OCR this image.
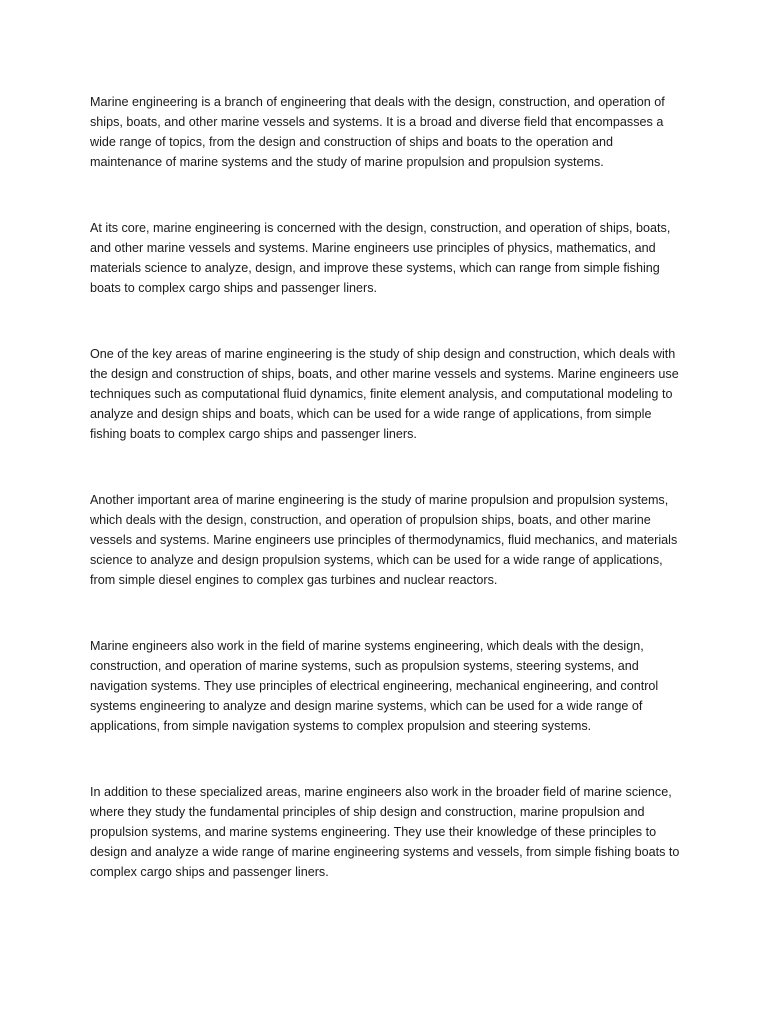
Marine engineering is a branch of engineering that deals with the design, construction, and operation of ships, boats, and other marine vessels and systems. It is a broad and diverse field that encompasses a wide range of topics, from the design and construction of ships and boats to the operation and maintenance of marine systems and the study of marine propulsion and propulsion systems.

At its core, marine engineering is concerned with the design, construction, and operation of ships, boats, and other marine vessels and systems. Marine engineers use principles of physics, mathematics, and materials science to analyze, design, and improve these systems, which can range from simple fishing boats to complex cargo ships and passenger liners.

One of the key areas of marine engineering is the study of ship design and construction, which deals with the design and construction of ships, boats, and other marine vessels and systems. Marine engineers use techniques such as computational fluid dynamics, finite element analysis, and computational modeling to analyze and design ships and boats, which can be used for a wide range of applications, from simple fishing boats to complex cargo ships and passenger liners.

Another important area of marine engineering is the study of marine propulsion and propulsion systems, which deals with the design, construction, and operation of propulsion ships, boats, and other marine vessels and systems. Marine engineers use principles of thermodynamics, fluid mechanics, and materials science to analyze and design propulsion systems, which can be used for a wide range of applications, from simple diesel engines to complex gas turbines and nuclear reactors.

Marine engineers also work in the field of marine systems engineering, which deals with the design, construction, and operation of marine systems, such as propulsion systems, steering systems, and navigation systems. They use principles of electrical engineering, mechanical engineering, and control systems engineering to analyze and design marine systems, which can be used for a wide range of applications, from simple navigation systems to complex propulsion and steering systems.

In addition to these specialized areas, marine engineers also work in the broader field of marine science, where they study the fundamental principles of ship design and construction, marine propulsion and propulsion systems, and marine systems engineering. They use their knowledge of these principles to design and analyze a wide range of marine engineering systems and vessels, from simple fishing boats to complex cargo ships and passenger liners.
